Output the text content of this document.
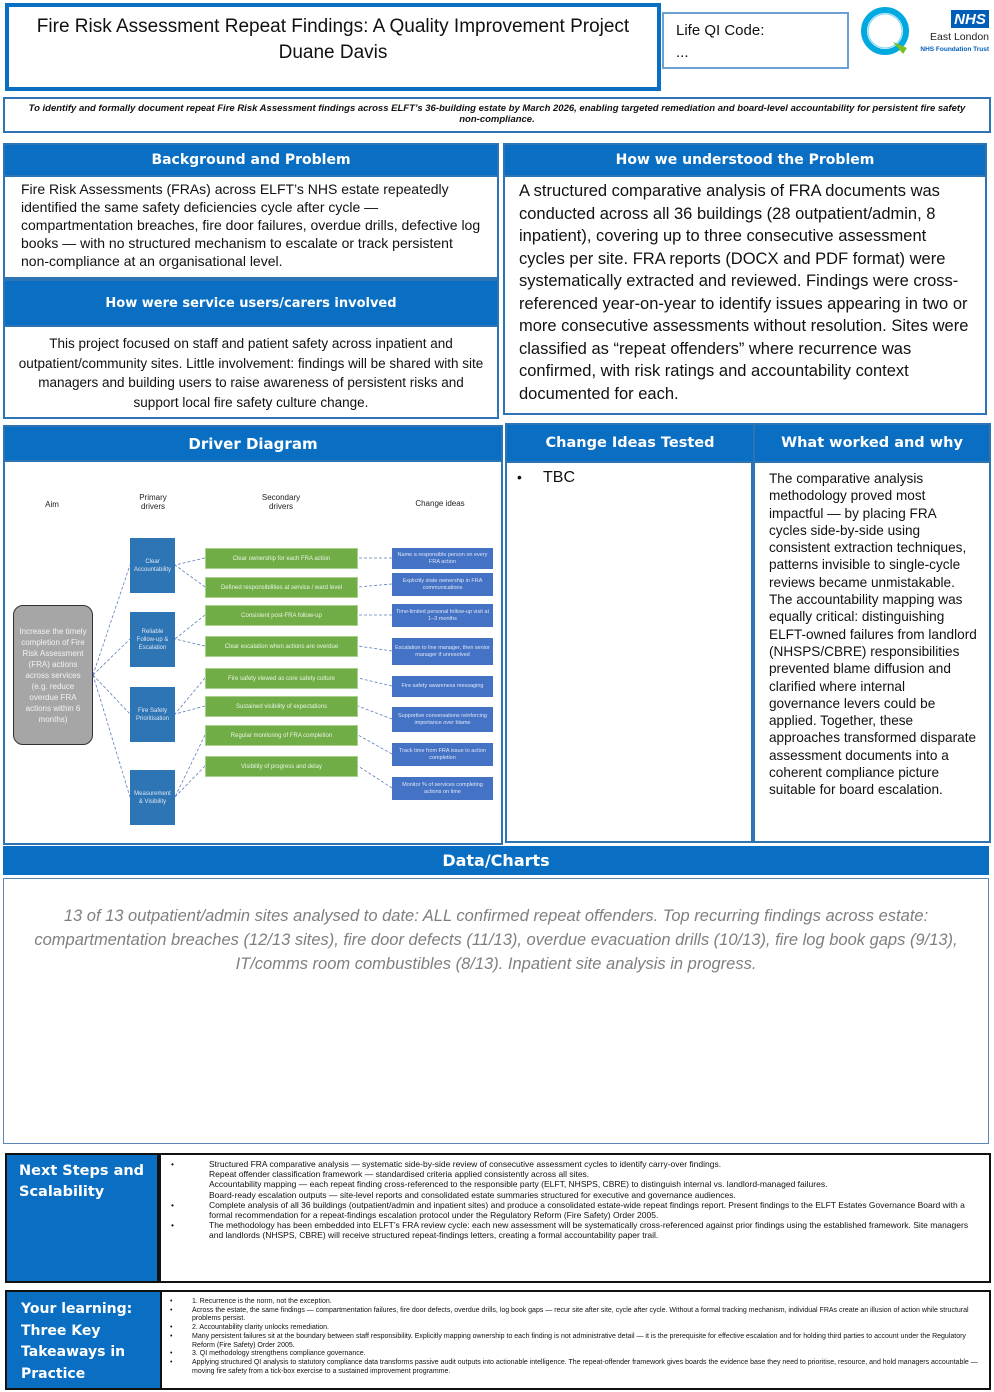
Fire Risk Assessment Repeat Findings: A Quality Improvement Project
Duane Davis
Life QI Code:
...
NHS
East London
NHS Foundation Trust
To identify and formally document repeat Fire Risk Assessment findings across ELFT’s 36-building estate by March 2026, enabling targeted remediation and board-level accountability for persistent fire safety non-compliance.
Background and Problem
Fire Risk Assessments (FRAs) across ELFT’s NHS estate repeatedly identified the same safety deficiencies cycle after cycle — compartmentation breaches, fire door failures, overdue drills, defective log books — with no structured mechanism to escalate or track persistent non-compliance at an organisational level.
How were service users/carers involved
This project focused on staff and patient safety across inpatient and outpatient/community sites. Little involvement: findings will be shared with site managers and building users to raise awareness of persistent risks and support local fire safety culture change.
How we understood the Problem
A structured comparative analysis of FRA documents was conducted across all 36 buildings (28 outpatient/admin, 8 inpatient), covering up to three consecutive assessment cycles per site. FRA reports (DOCX and PDF format) were systematically extracted and reviewed. Findings were cross-referenced year-on-year to identify issues appearing in two or more consecutive assessments without resolution. Sites were classified as “repeat offenders” where recurrence was confirmed, with risk ratings and accountability context documented for each.
Driver Diagram
Aim
Primary drivers
Secondary drivers	Change ideas
Increase the timely completion of Fire Risk Assessment (FRA) actions across services (e.g. reduce overdue FRA actions within 6 months)
Clear Accountability
Reliable Follow-up & Escalation
Fire Safety Prioritisation
Measurement & Visibility
Clear ownership for each FRA action
Defined responsibilities at service / ward level
Consistent post-FRA follow-up
Clear escalation when actions are overdue
Fire safety viewed as core safety culture
Sustained visibility of expectations
Regular monitoring of FRA completion
Visibility of progress and delay
Name a responsible person on every FRA action
Explicitly state ownership in FRA communications
Time-limited personal follow-up visit at 1–3 months
Escalation to line manager, then senior manager if unresolved
Fire safety awareness messaging
Supportive conversations reinforcing importance over blame
Track time from FRA issue to action completion
Monitor % of services completing actions on time
Change Ideas Tested	What worked and why
• TBC	The comparative analysis methodology proved most impactful — by placing FRA cycles side-by-side using consistent extraction techniques, patterns invisible to single-cycle reviews became unmistakable. The accountability mapping was equally critical: distinguishing ELFT-owned failures from landlord (NHSPS/CBRE) responsibilities prevented blame diffusion and clarified where internal governance levers could be applied. Together, these approaches transformed disparate assessment documents into a coherent compliance picture suitable for board escalation.
Data/Charts
13 of 13 outpatient/admin sites analysed to date: ALL confirmed repeat offenders. Top recurring findings across estate: compartmentation breaches (12/13 sites), fire door defects (11/13), overdue evacuation drills (10/13), fire log book gaps (9/13), IT/comms room combustibles (8/13). Inpatient site analysis in progress.
Next Steps and Scalability
•	Structured FRA comparative analysis — systematic side-by-side review of consecutive assessment cycles to identify carry-over findings.
Repeat offender classification framework — standardised criteria applied consistently across all sites.
Accountability mapping — each repeat finding cross-referenced to the responsible party (ELFT, NHSPS, CBRE) to distinguish internal vs. landlord-managed failures.
Board-ready escalation outputs — site-level reports and consolidated estate summaries structured for executive and governance audiences.
•	Complete analysis of all 36 buildings (outpatient/admin and inpatient sites) and produce a consolidated estate-wide repeat findings report. Present findings to the ELFT Estates Governance Board with a formal recommendation for a repeat-findings escalation protocol under the Regulatory Reform (Fire Safety) Order 2005.
•	The methodology has been embedded into ELFT’s FRA review cycle: each new assessment will be systematically cross-referenced against prior findings using the established framework. Site managers and landlords (NHSPS, CBRE) will receive structured repeat-findings letters, creating a formal accountability paper trail.
Your learning: Three Key Takeaways in Practice
•	1. Recurrence is the norm, not the exception.
•	Across the estate, the same findings — compartmentation failures, fire door defects, overdue drills, log book gaps — recur site after site, cycle after cycle. Without a formal tracking mechanism, individual FRAs create an illusion of action while structural problems persist.
•	2. Accountability clarity unlocks remediation.
•	Many persistent failures sit at the boundary between staff responsibility. Explicitly mapping ownership to each finding is not administrative detail — it is the prerequisite for effective escalation and for holding third parties to account under the Regulatory Reform (Fire Safety) Order 2005.
•	3. QI methodology strengthens compliance governance.
•	Applying structured QI analysis to statutory compliance data transforms passive audit outputs into actionable intelligence. The repeat-offender framework gives boards the evidence base they need to prioritise, resource, and hold managers accountable — moving fire safety from a tick-box exercise to a sustained improvement programme.
